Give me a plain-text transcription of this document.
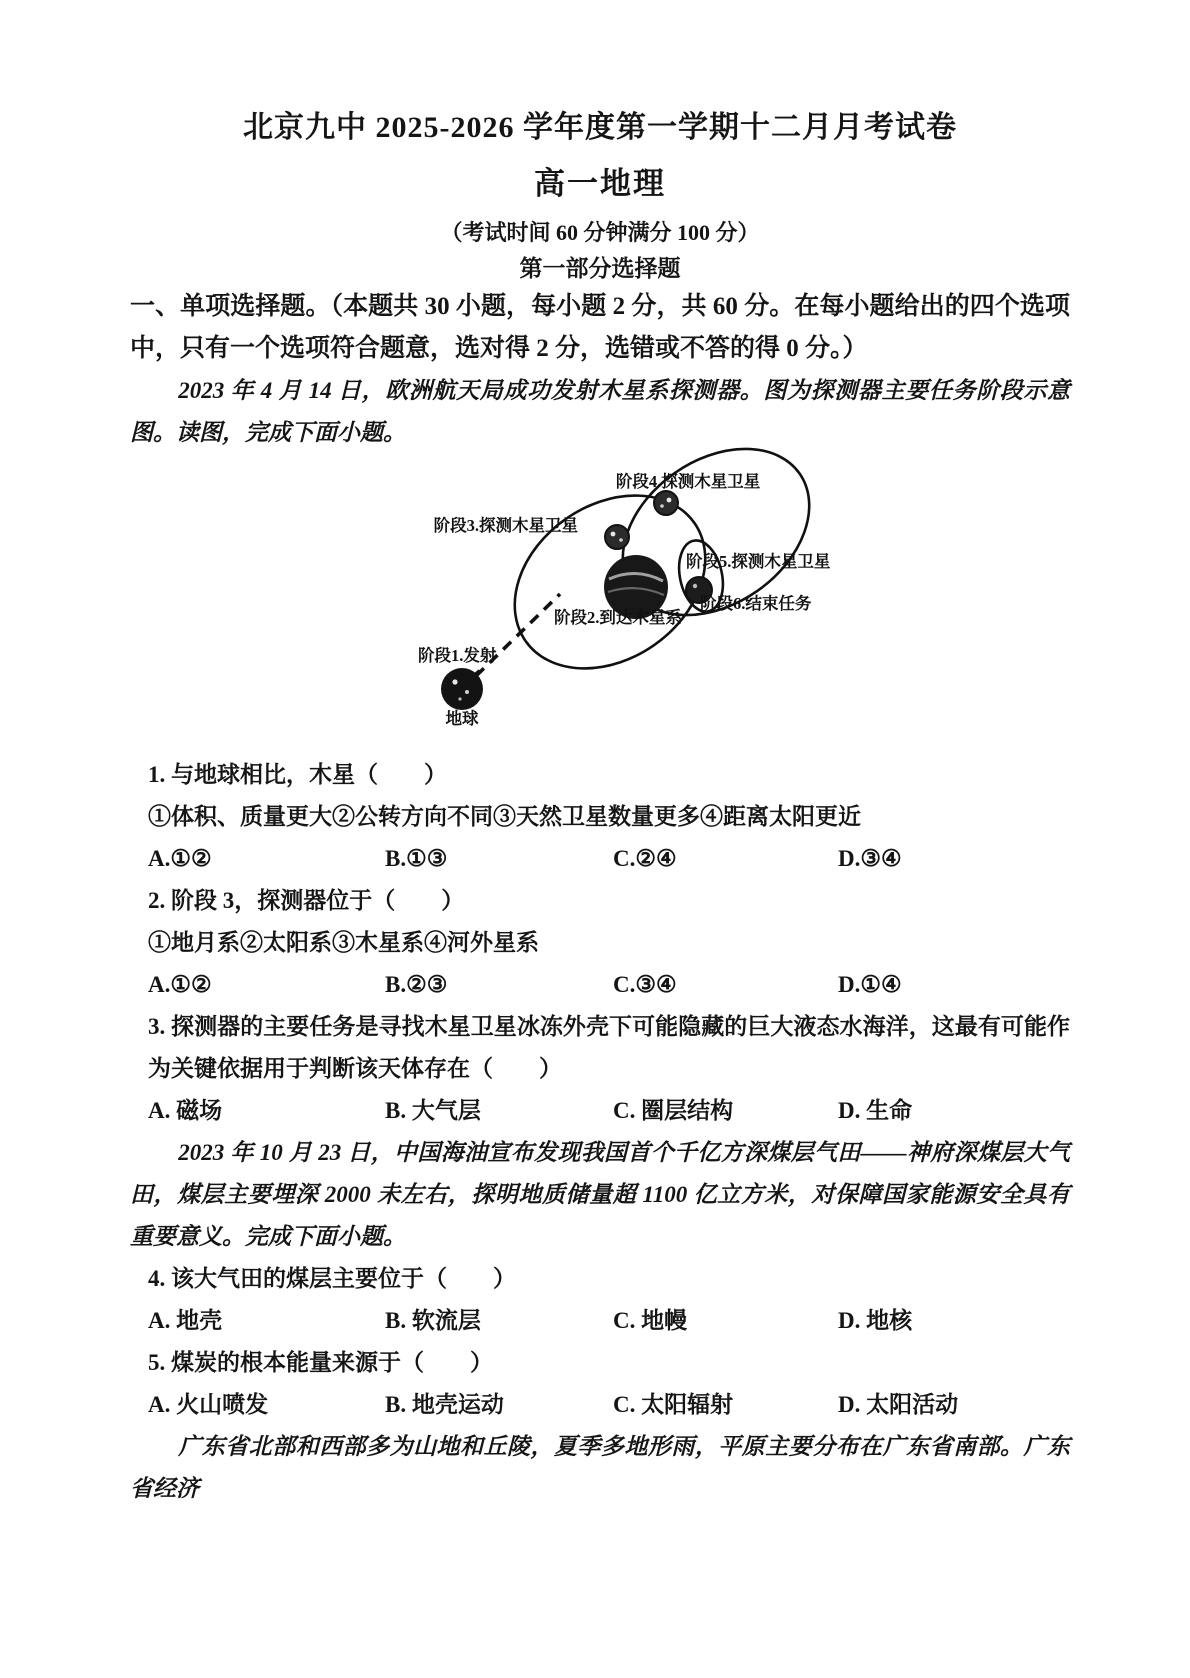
北京九中 2025-2026 学年度第一学期十二月月考试卷
高一地理
（考试时间 60 分钟满分 100 分）
第一部分选择题

一、单项选择题。（本题共 30 小题，每小题 2 分，共 60 分。在每小题给出的四个选项中，只有一个选项符合题意，选对得 2 分，选错或不答的得 0 分。）

2023 年 4 月 14 日，欧洲航天局成功发射木星系探测器。图为探测器主要任务阶段示意图。读图，完成下面小题。

阶段4.探测木星卫星
阶段3.探测木星卫星
阶段5.探测木星卫星
阶段6.结束任务
阶段2.到达木星系
阶段1.发射
地球
1. 与地球相比，木星（　　）
①体积、质量更大②公转方向不同③天然卫星数量更多④距离太阳更近
A.①②	B.①③	C.②④	D.③④
2. 阶段 3，探测器位于（　　）
①地月系②太阳系③木星系④河外星系
A.①②	B.②③	C.③④	D.①④
3. 探测器的主要任务是寻找木星卫星冰冻外壳下可能隐藏的巨大液态水海洋，这最有可能作为关键依据用于判断该天体存在（　　）
A. 磁场	B. 大气层	C. 圈层结构	D. 生命

2023 年 10 月 23 日，中国海油宣布发现我国首个千亿方深煤层气田——神府深煤层大气田，煤层主要埋深 2000 未左右，探明地质储量超 1100 亿立方米，对保障国家能源安全具有重要意义。完成下面小题。

4. 该大气田的煤层主要位于（　　）
A. 地壳	B. 软流层	C. 地幔	D. 地核
5. 煤炭的根本能量来源于（　　）
A. 火山喷发	B. 地壳运动	C. 太阳辐射	D. 太阳活动

广东省北部和西部多为山地和丘陵，夏季多地形雨，平原主要分布在广东省南部。广东省经济
